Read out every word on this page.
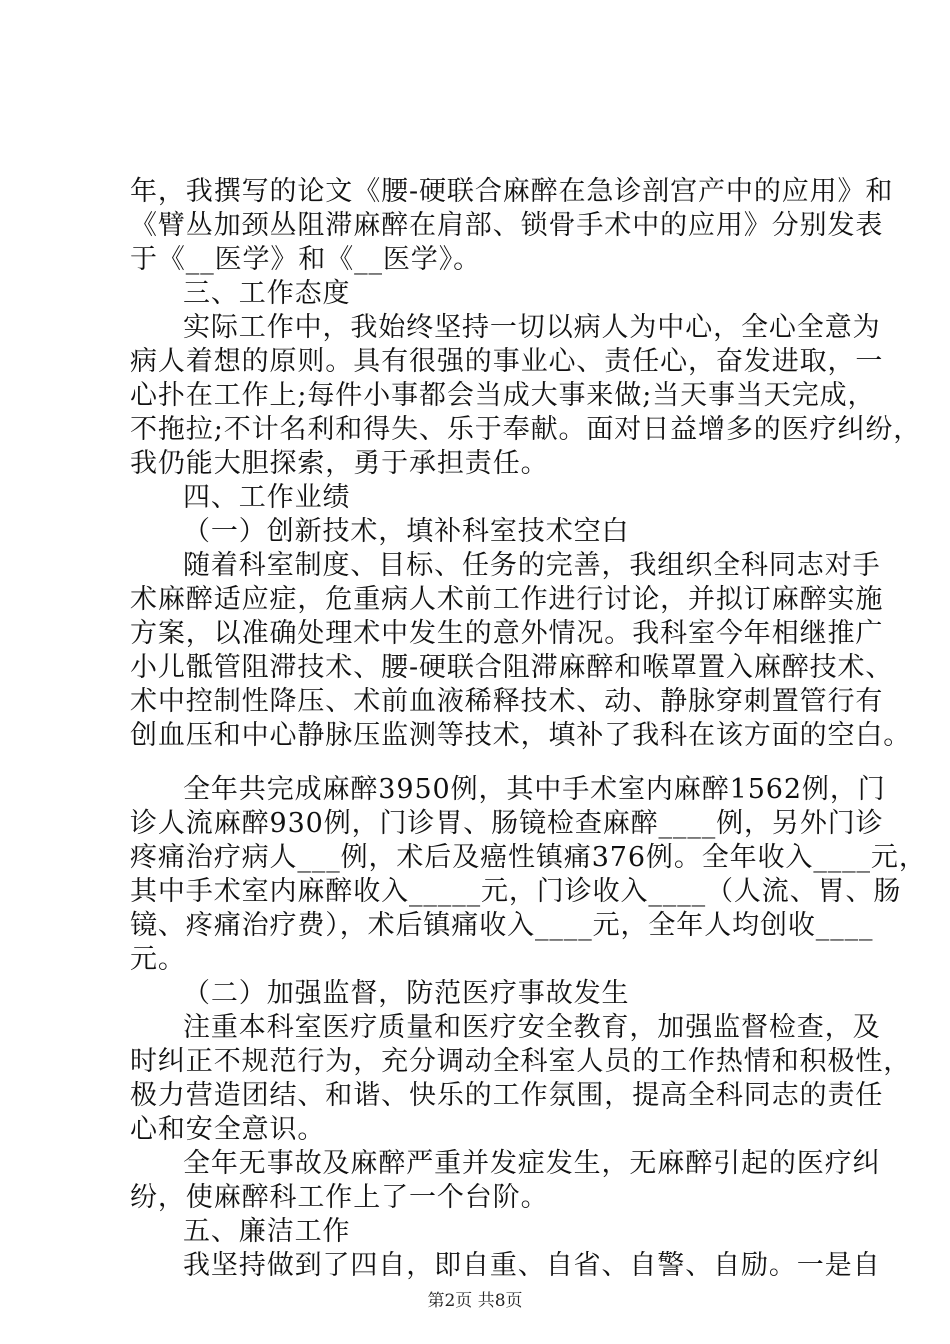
年，我撰写的论文《腰-硬联合麻醉在急诊剖宫产中的应用》和
《臂丛加颈丛阻滞麻醉在肩部、锁骨手术中的应用》分别发表
于《__医学》和《__医学》。
三、工作态度
实际工作中，我始终坚持一切以病人为中心，全心全意为
病人着想的原则。具有很强的事业心、责任心，奋发进取，一
心扑在工作上;每件小事都会当成大事来做;当天事当天完成，
不拖拉;不计名利和得失、乐于奉献。面对日益增多的医疗纠纷，
我仍能大胆探索，勇于承担责任。
四、工作业绩
（一）创新技术，填补科室技术空白
随着科室制度、目标、任务的完善，我组织全科同志对手
术麻醉适应症，危重病人术前工作进行讨论，并拟订麻醉实施
方案，以准确处理术中发生的意外情况。我科室今年相继推广
小儿骶管阻滞技术、腰-硬联合阻滞麻醉和喉罩置入麻醉技术、
术中控制性降压、术前血液稀释技术、动、静脉穿刺置管行有
创血压和中心静脉压监测等技术，填补了我科在该方面的空白。
全年共完成麻醉3950例，其中手术室内麻醉1562例，门
诊人流麻醉930例，门诊胃、肠镜检查麻醉____例，另外门诊
疼痛治疗病人___例，术后及癌性镇痛376例。全年收入____元，
其中手术室内麻醉收入_____元，门诊收入____（人流、胃、肠
镜、疼痛治疗费），术后镇痛收入____元，全年人均创收____
元。
（二）加强监督，防范医疗事故发生
注重本科室医疗质量和医疗安全教育，加强监督检查，及
时纠正不规范行为，充分调动全科室人员的工作热情和积极性，
极力营造团结、和谐、快乐的工作氛围，提高全科同志的责任
心和安全意识。
全年无事故及麻醉严重并发症发生，无麻醉引起的医疗纠
纷，使麻醉科工作上了一个台阶。
五、廉洁工作
我坚持做到了四自，即自重、自省、自警、自励。一是自
第2页 共8页
